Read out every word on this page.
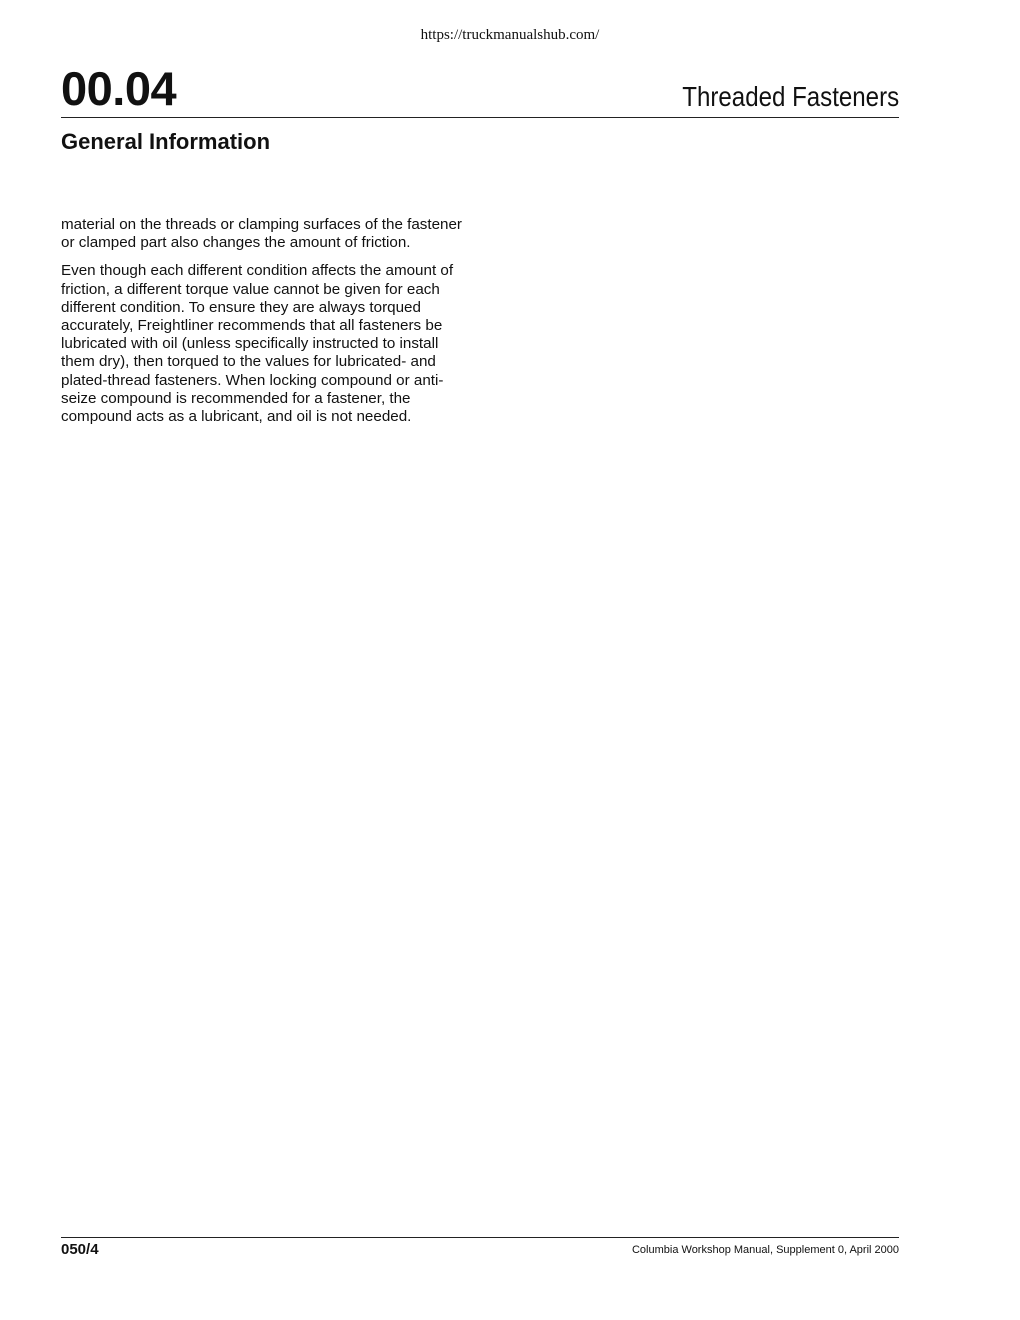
https://truckmanualshub.com/
00.04	Threaded Fasteners
General Information

material on the threads or clamping surfaces of the fastener or clamped part also changes the amount of friction.

Even though each different condition affects the amount of friction, a different torque value cannot be given for each different condition. To ensure they are always torqued accurately, Freightliner recommends that all fasteners be lubricated with oil (unless specifically instructed to install them dry), then torqued to the values for lubricated- and plated-thread fasteners. When locking compound or anti-seize compound is recommended for a fastener, the compound acts as a lubricant, and oil is not needed.

050/4	Columbia Workshop Manual, Supplement 0, April 2000
